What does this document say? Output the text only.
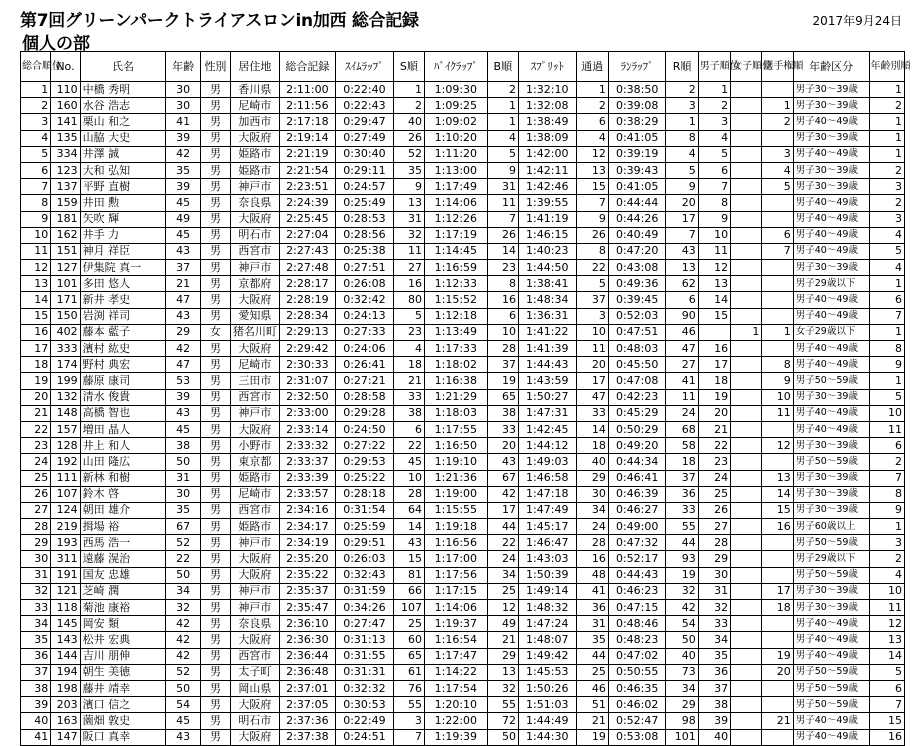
第7回グリーンパークトライアスロンin加西 総合記録	2017年9月24日
個人の部
総合順位	No.	氏名	年齢	性別	居住地	総合記録	ｽｲﾑﾗｯﾌﾟ	S順	ﾊﾞｲｸﾗｯﾌﾟ	B順	ｽﾌﾟﾘｯﾄ	通過	ﾗﾝﾗｯﾌﾟ	R順	男子順位	女子順位	選手権順	年齢区分	年齢別順
1	110	中橋 秀明	30	男	香川県	2:11:00	0:22:40	1	1:09:30	2	1:32:10	1	0:38:50	2	1			男子30～39歳	1
2	160	水谷 浩志	30	男	尼崎市	2:11:56	0:22:43	2	1:09:25	1	1:32:08	2	0:39:08	3	2		1	男子30～39歳	2
3	141	栗山 和之	41	男	加西市	2:17:18	0:29:47	40	1:09:02	1	1:38:49	6	0:38:29	1	3		2	男子40～49歳	1
4	135	山脇 大史	39	男	大阪府	2:19:14	0:27:49	26	1:10:20	4	1:38:09	4	0:41:05	8	4			男子30～39歳	1
5	334	井澤 誠	42	男	姫路市	2:21:19	0:30:40	52	1:11:20	5	1:42:00	12	0:39:19	4	5		3	男子40～49歳	1
6	123	大和 弘知	35	男	姫路市	2:21:54	0:29:11	35	1:13:00	9	1:42:11	13	0:39:43	5	6		4	男子30～39歳	2
7	137	平野 直樹	39	男	神戸市	2:23:51	0:24:57	9	1:17:49	31	1:42:46	15	0:41:05	9	7		5	男子30～39歳	3
8	159	井田 勲	45	男	奈良県	2:24:39	0:25:49	13	1:14:06	11	1:39:55	7	0:44:44	20	8			男子40～49歳	2
9	181	矢吹 輝	49	男	大阪府	2:25:45	0:28:53	31	1:12:26	7	1:41:19	9	0:44:26	17	9			男子40～49歳	3
10	162	井手 力	45	男	明石市	2:27:04	0:28:56	32	1:17:19	26	1:46:15	26	0:40:49	7	10		6	男子40～49歳	4
11	151	神月 祥臣	43	男	西宮市	2:27:43	0:25:38	11	1:14:45	14	1:40:23	8	0:47:20	43	11		7	男子40～49歳	5
12	127	伊集院 真一	37	男	神戸市	2:27:48	0:27:51	27	1:16:59	23	1:44:50	22	0:43:08	13	12			男子30～39歳	4
13	101	多田 悠人	21	男	京都府	2:28:17	0:26:08	16	1:12:33	8	1:38:41	5	0:49:36	62	13			男子29歳以下	1
14	171	新井 孝史	47	男	大阪府	2:28:19	0:32:42	80	1:15:52	16	1:48:34	37	0:39:45	6	14			男子40～49歳	6
15	150	岩渕 祥司	43	男	愛知県	2:28:34	0:24:13	5	1:12:18	6	1:36:31	3	0:52:03	90	15			男子40～49歳	7
16	402	藤本 藍子	29	女	猪名川町	2:29:13	0:27:33	23	1:13:49	10	1:41:22	10	0:47:51	46		1	1	女子29歳以下	1
17	333	濱村 紘史	42	男	大阪府	2:29:42	0:24:06	4	1:17:33	28	1:41:39	11	0:48:03	47	16			男子40～49歳	8
18	174	野村 典宏	47	男	尼崎市	2:30:33	0:26:41	18	1:18:02	37	1:44:43	20	0:45:50	27	17		8	男子40～49歳	9
19	199	藤原 康司	53	男	三田市	2:31:07	0:27:21	21	1:16:38	19	1:43:59	17	0:47:08	41	18		9	男子50～59歳	1
20	132	清水 俊貴	39	男	西宮市	2:32:50	0:28:58	33	1:21:29	65	1:50:27	47	0:42:23	11	19		10	男子30～39歳	5
21	148	高橋 智也	43	男	神戸市	2:33:00	0:29:28	38	1:18:03	38	1:47:31	33	0:45:29	24	20		11	男子40～49歳	10
22	157	増田 晶人	45	男	大阪府	2:33:14	0:24:50	6	1:17:55	33	1:42:45	14	0:50:29	68	21			男子40～49歳	11
23	128	井上 和人	38	男	小野市	2:33:32	0:27:22	22	1:16:50	20	1:44:12	18	0:49:20	58	22		12	男子30～39歳	6
24	192	山田 隆広	50	男	東京都	2:33:37	0:29:53	45	1:19:10	43	1:49:03	40	0:44:34	18	23			男子50～59歳	2
25	111	新林 和樹	31	男	姫路市	2:33:39	0:25:22	10	1:21:36	67	1:46:58	29	0:46:41	37	24		13	男子30～39歳	7
26	107	鈴木 啓	30	男	尼崎市	2:33:57	0:28:18	28	1:19:00	42	1:47:18	30	0:46:39	36	25		14	男子30～39歳	8
27	124	朝田 雄介	35	男	西宮市	2:34:16	0:31:54	64	1:15:55	17	1:47:49	34	0:46:27	33	26		15	男子30～39歳	9
28	219	揖場 裕	67	男	姫路市	2:34:17	0:25:59	14	1:19:18	44	1:45:17	24	0:49:00	55	27		16	男子60歳以上	1
29	193	西馬 浩一	52	男	神戸市	2:34:19	0:29:51	43	1:16:56	22	1:46:47	28	0:47:32	44	28			男子50～59歳	3
30	311	遠藤 滉治	22	男	大阪府	2:35:20	0:26:03	15	1:17:00	24	1:43:03	16	0:52:17	93	29			男子29歳以下	2
31	191	国友 忠雄	50	男	大阪府	2:35:22	0:32:43	81	1:17:56	34	1:50:39	48	0:44:43	19	30			男子50～59歳	4
32	121	芝崎 潤	34	男	神戸市	2:35:37	0:31:59	66	1:17:15	25	1:49:14	41	0:46:23	32	31		17	男子30～39歳	10
33	118	菊池 康裕	32	男	神戸市	2:35:47	0:34:26	107	1:14:06	12	1:48:32	36	0:47:15	42	32		18	男子30～39歳	11
34	145	岡安 類	42	男	奈良県	2:36:10	0:27:47	25	1:19:37	49	1:47:24	31	0:48:46	54	33			男子40～49歳	12
35	143	松井 宏典	42	男	大阪府	2:36:30	0:31:13	60	1:16:54	21	1:48:07	35	0:48:23	50	34			男子40～49歳	13
36	144	吉川 朋伸	42	男	西宮市	2:36:44	0:31:55	65	1:17:47	29	1:49:42	44	0:47:02	40	35		19	男子40～49歳	14
37	194	朝生 美徳	52	男	太子町	2:36:48	0:31:31	61	1:14:22	13	1:45:53	25	0:50:55	73	36		20	男子50～59歳	5
38	198	藤井 靖幸	50	男	岡山県	2:37:01	0:32:32	76	1:17:54	32	1:50:26	46	0:46:35	34	37			男子50～59歳	6
39	203	濱口 信之	54	男	大阪府	2:37:05	0:30:53	55	1:20:10	55	1:51:03	51	0:46:02	29	38			男子50～59歳	7
40	163	薗畑 敦史	45	男	明石市	2:37:36	0:22:49	3	1:22:00	72	1:44:49	21	0:52:47	98	39		21	男子40～49歳	15
41	147	阪口 真幸	43	男	大阪府	2:37:38	0:24:51	7	1:19:39	50	1:44:30	19	0:53:08	101	40			男子40～49歳	16
